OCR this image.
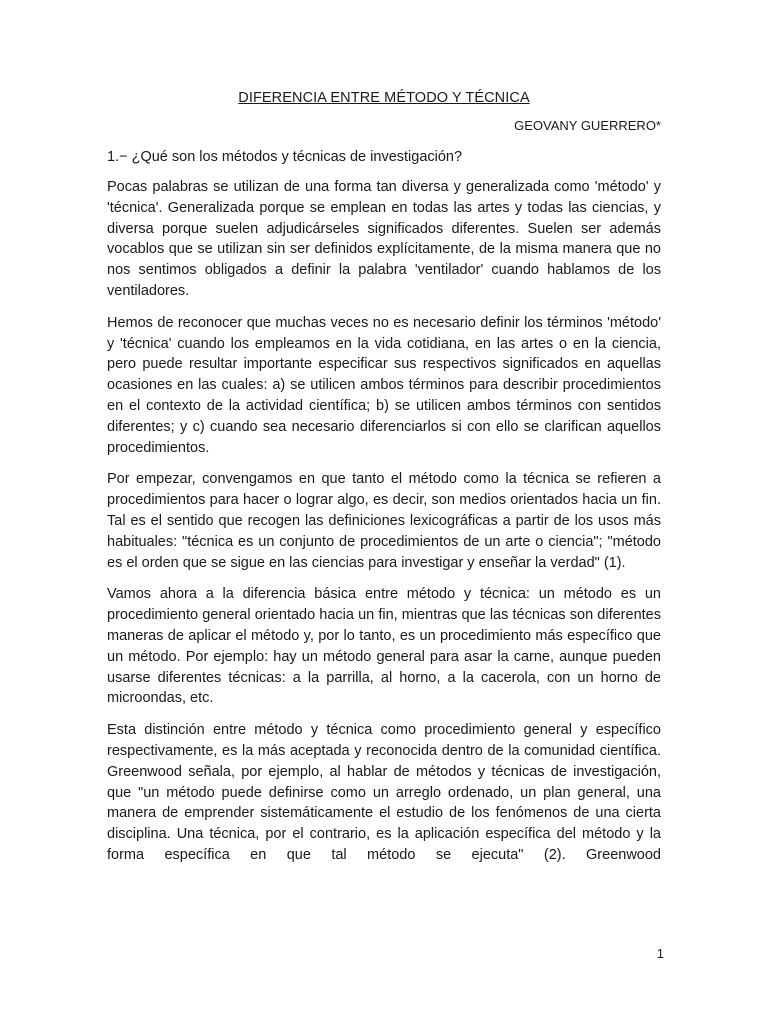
DIFERENCIA ENTRE MÉTODO Y TÉCNICA
GEOVANY GUERRERO*
1.− ¿Qué son los métodos y técnicas de investigación?

Pocas palabras se utilizan de una forma tan diversa y generalizada como 'método' y 'técnica'. Generalizada porque se emplean en todas las artes y todas las ciencias, y diversa porque suelen adjudicárseles significados diferentes. Suelen ser además vocablos que se utilizan sin ser definidos explícitamente, de la misma manera que no nos sentimos obligados a definir la palabra 'ventilador' cuando hablamos de los ventiladores.

Hemos de reconocer que muchas veces no es necesario definir los términos 'método' y 'técnica' cuando los empleamos en la vida cotidiana, en las artes o en la ciencia, pero puede resultar importante especificar sus respectivos significados en aquellas ocasiones en las cuales: a) se utilicen ambos términos para describir procedimientos en el contexto de la actividad científica; b) se utilicen ambos términos con sentidos diferentes; y c) cuando sea necesario diferenciarlos si con ello se clarifican aquellos procedimientos.

Por empezar, convengamos en que tanto el método como la técnica se refieren a procedimientos para hacer o lograr algo, es decir, son medios orientados hacia un fin. Tal es el sentido que recogen las definiciones lexicográficas a partir de los usos más habituales: "técnica es un conjunto de procedimientos de un arte o ciencia"; "método es el orden que se sigue en las ciencias para investigar y enseñar la verdad" (1).

Vamos ahora a la diferencia básica entre método y técnica: un método es un procedimiento general orientado hacia un fin, mientras que las técnicas son diferentes maneras de aplicar el método y, por lo tanto, es un procedimiento más específico que un método. Por ejemplo: hay un método general para asar la carne, aunque pueden usarse diferentes técnicas: a la parrilla, al horno, a la cacerola, con un horno de microondas, etc.

Esta distinción entre método y técnica como procedimiento general y específico respectivamente, es la más aceptada y reconocida dentro de la comunidad científica. Greenwood señala, por ejemplo, al hablar de métodos y técnicas de investigación, que "un método puede definirse como un arreglo ordenado, un plan general, una manera de emprender sistemáticamente el estudio de los fenómenos de una cierta disciplina. Una técnica, por el contrario, es la aplicación específica del método y la forma específica en que tal método se ejecuta" (2). Greenwood

1
